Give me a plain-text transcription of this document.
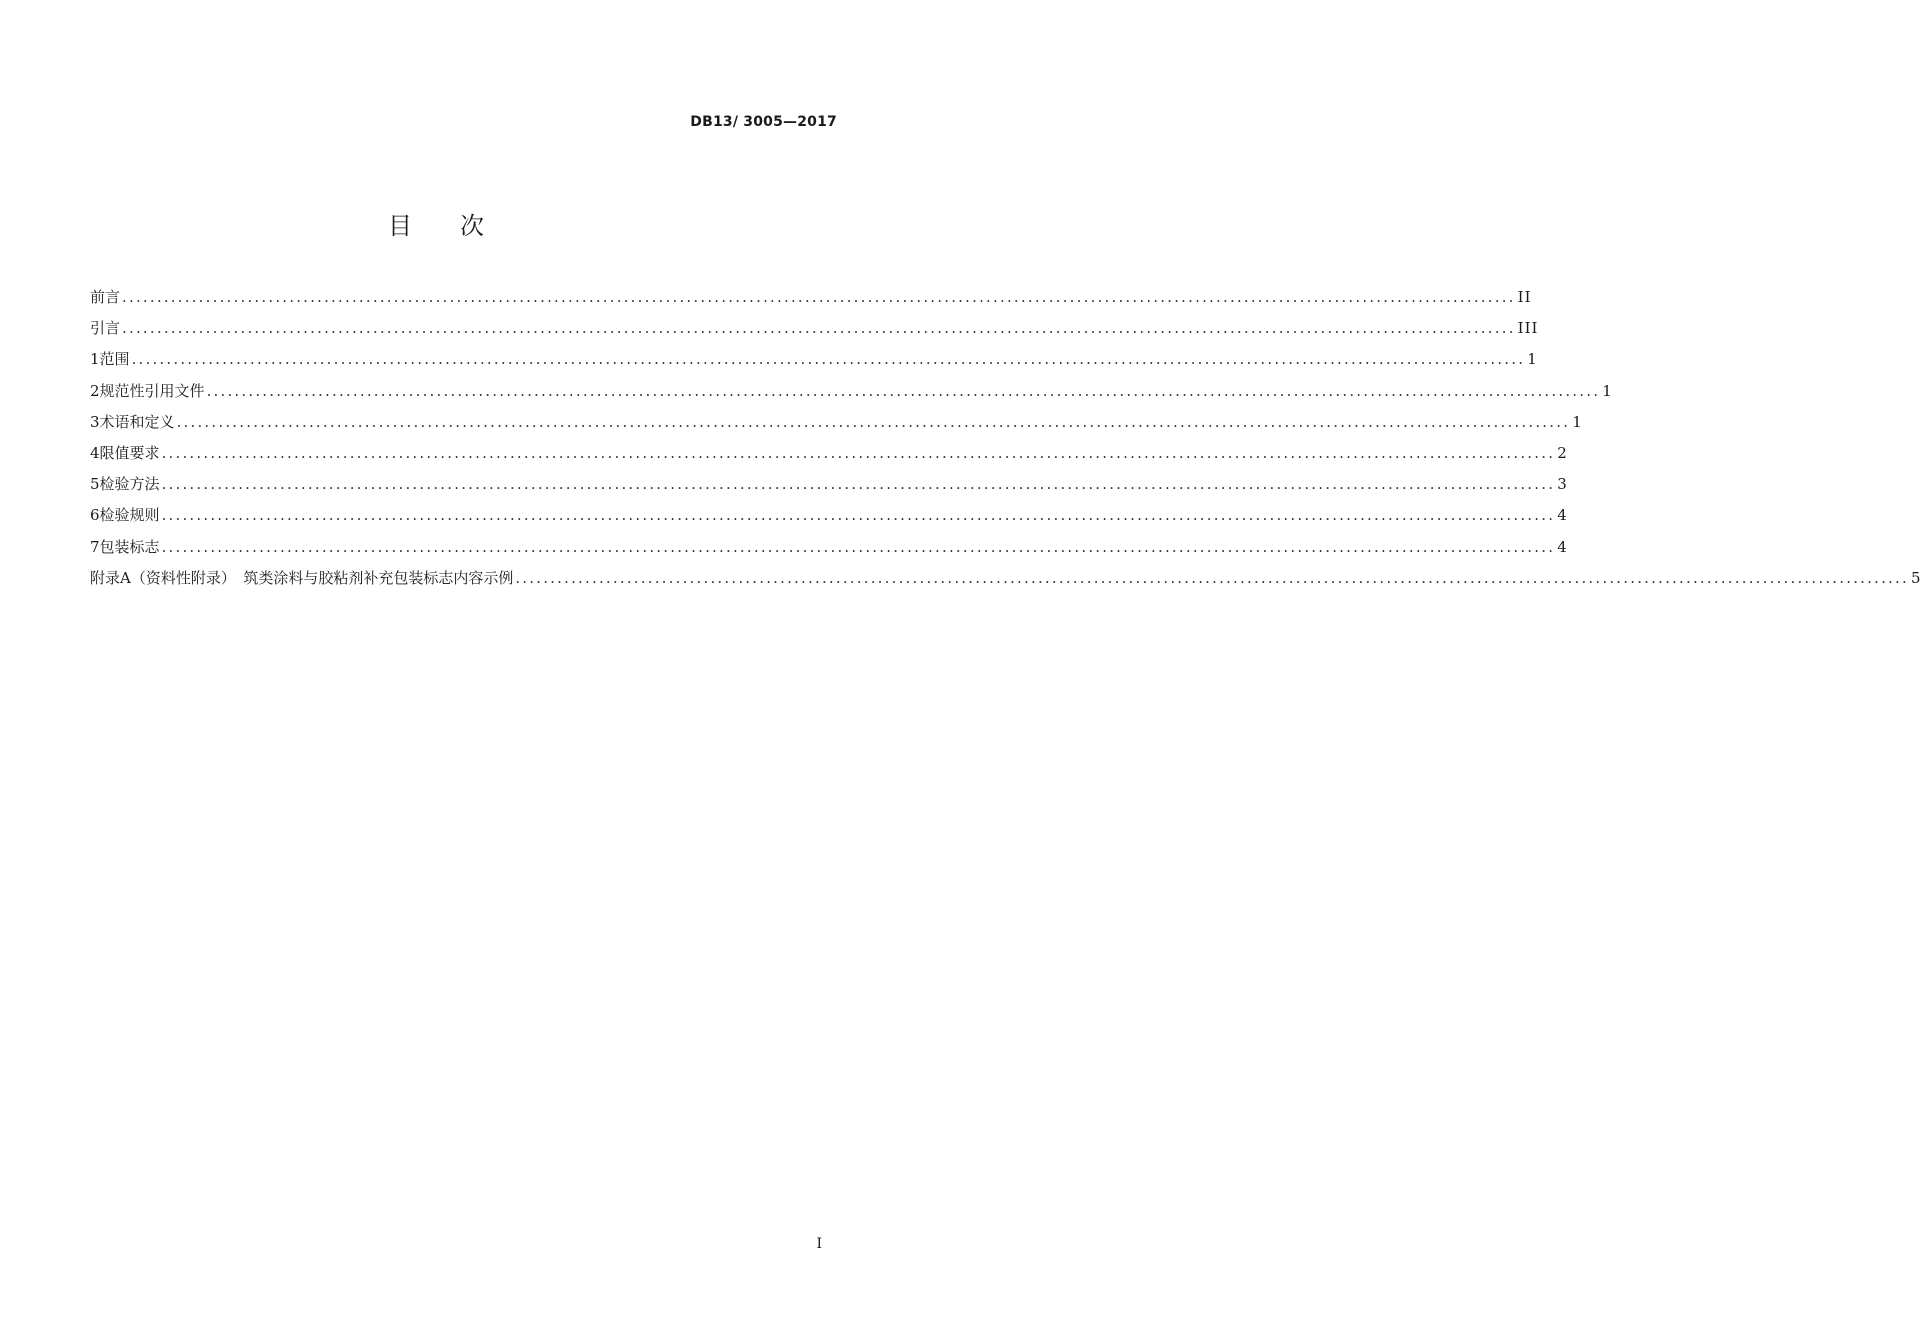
DB13/ 3005—2017
目次
前言 ........................................................................................................................................................................................................ II
引言 ........................................................................................................................................................................................................ III
1 范围 ........................................................................................................................................................................................................ 1
2 规范性引用文件 ........................................................................................................................................................................................................ 1
3 术语和定义 ........................................................................................................................................................................................................ 1
4 限值要求 ........................................................................................................................................................................................................ 2
5 检验方法 ........................................................................................................................................................................................................ 3
6 检验规则 ........................................................................................................................................................................................................ 4
7 包装标志 ........................................................................................................................................................................................................ 4
附录A（资料性附录）　筑类涂料与胶粘剂补充包装标志内容示例 ........................................................................................................................................................................................................ 5
I
